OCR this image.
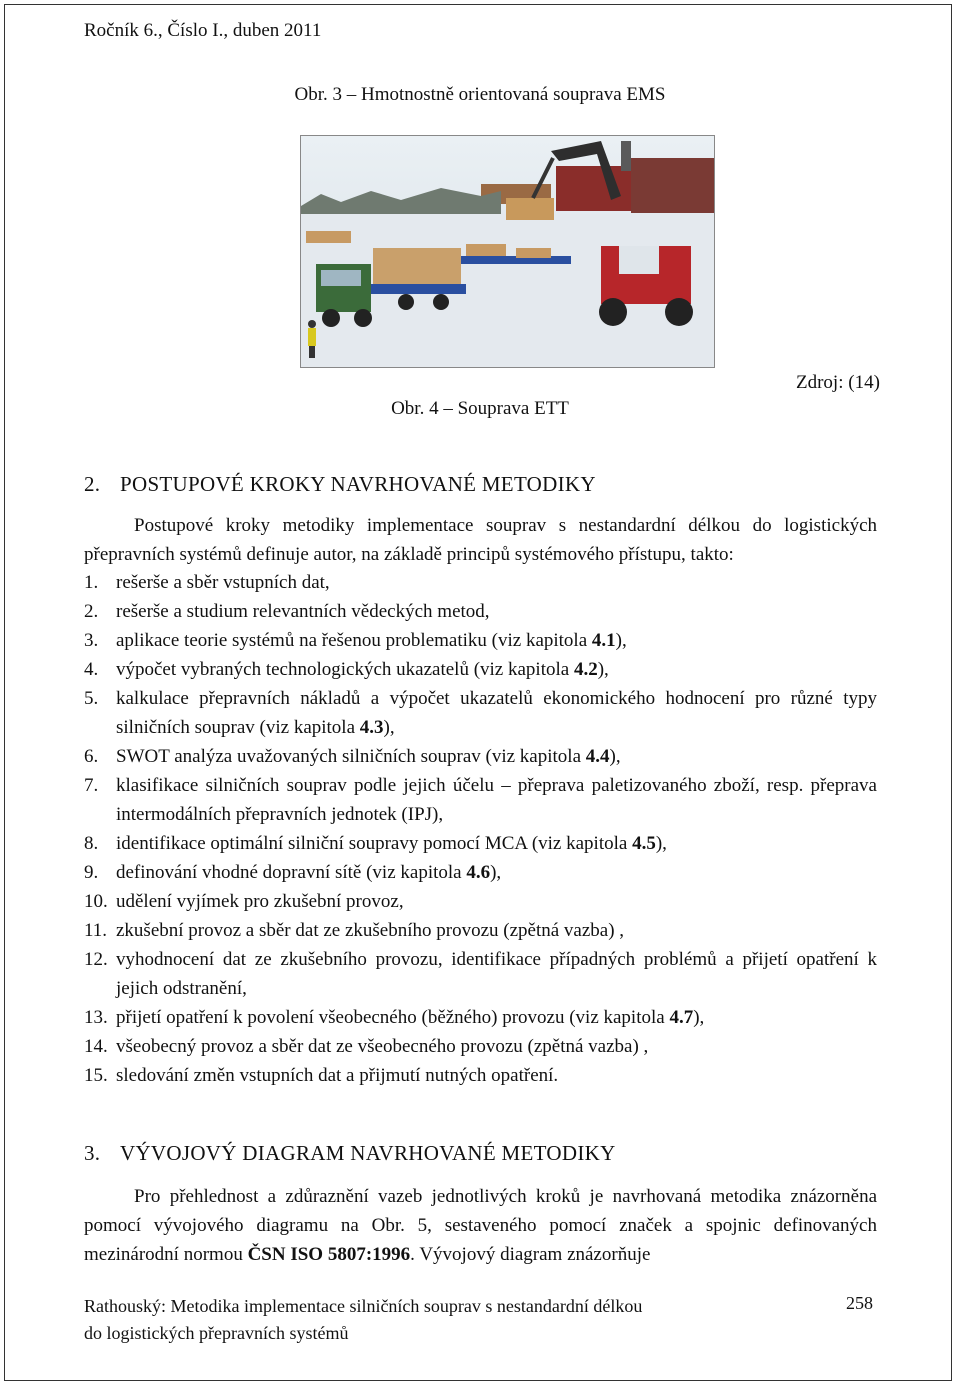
Ročník 6., Číslo I., duben 2011
Obr. 3 – Hmotnostně orientovaná souprava EMS
Zdroj: (14)
Obr. 4 – Souprava ETT
2. POSTUPOVÉ KROKY NAVRHOVANÉ METODIKY
Postupové kroky metodiky implementace souprav s nestandardní délkou do logistických přepravních systémů definuje autor, na základě principů systémového přístupu, takto:
1. rešerše a sběr vstupních dat,
2. rešerše a studium relevantních vědeckých metod,
3. aplikace teorie systémů na řešenou problematiku (viz kapitola 4.1),
4. výpočet vybraných technologických ukazatelů (viz kapitola 4.2),
5. kalkulace přepravních nákladů a výpočet ukazatelů ekonomického hodnocení pro různé typy silničních souprav (viz kapitola 4.3),
6. SWOT analýza uvažovaných silničních souprav (viz kapitola 4.4),
7. klasifikace silničních souprav podle jejich účelu – přeprava paletizovaného zboží, resp. přeprava intermodálních přepravních jednotek (IPJ),
8. identifikace optimální silniční soupravy pomocí MCA (viz kapitola 4.5),
9. definování vhodné dopravní sítě (viz kapitola 4.6),
10. udělení vyjímek pro zkušební provoz,
11. zkušební provoz a sběr dat ze zkušebního provozu (zpětná vazba) ,
12. vyhodnocení dat ze zkušebního provozu, identifikace případných problémů a přijetí opatření k jejich odstranění,
13. přijetí opatření k povolení všeobecného (běžného) provozu (viz kapitola 4.7),
14. všeobecný provoz a sběr dat ze všeobecného provozu (zpětná vazba) ,
15. sledování změn vstupních dat a přijmutí nutných opatření.
3. VÝVOJOVÝ DIAGRAM NAVRHOVANÉ METODIKY
Pro přehlednost a zdůraznění vazeb jednotlivých kroků je navrhovaná metodika znázorněna pomocí vývojového diagramu na Obr. 5, sestaveného pomocí značek a spojnic definovaných mezinárodní normou ČSN ISO 5807:1996. Vývojový diagram znázorňuje
Rathouský: Metodika implementace silničních souprav s nestandardní délkou
do logistických přepravních systémů
258
